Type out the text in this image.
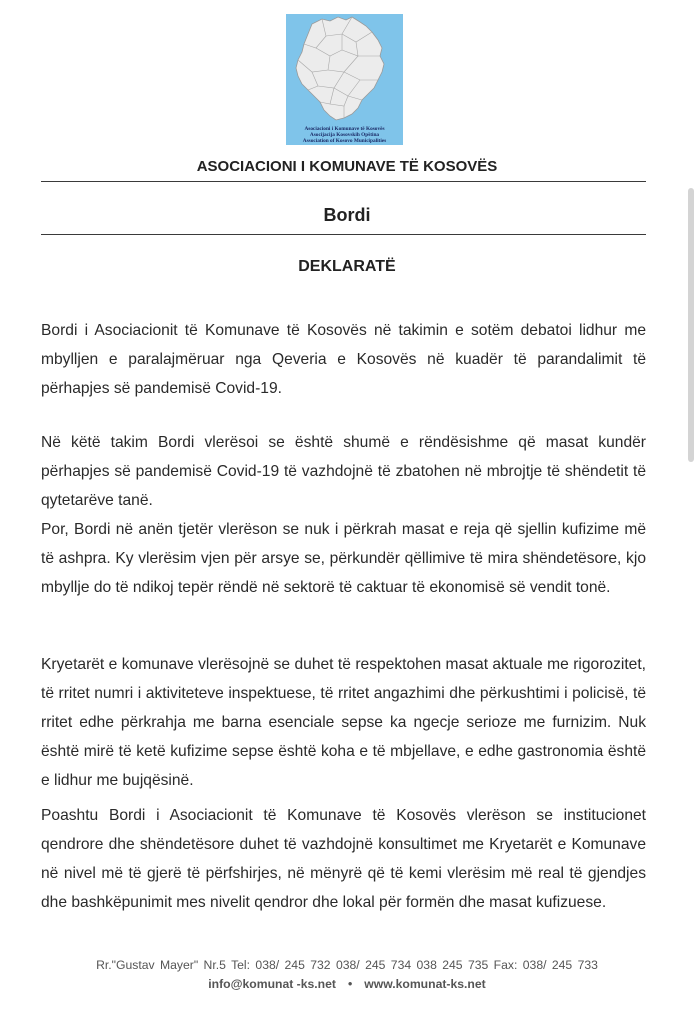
Asociacioni i Komunave të Kosovës
Asocijacija Kosovskih Opština
Association of Kosovo Municipalities
ASOCIACIONI I KOMUNAVE TË KOSOVËS
Bordi
DEKLARATË

Bordi i Asociacionit të Komunave të Kosovës në takimin e sotëm debatoi lidhur me mbylljen e paralajmëruar nga Qeveria e Kosovës në kuadër të parandalimit të përhapjes së pandemisë Covid-19.

Në këtë takim Bordi vlerësoi se është shumë e rëndësishme që masat kundër përhapjes së pandemisë Covid-19 të vazhdojnë të zbatohen në mbrojtje të shëndetit të qytetarëve tanë.

Por, Bordi në anën tjetër vlerëson se nuk i përkrah masat e reja që sjellin kufizime më të ashpra. Ky vlerësim vjen për arsye se, përkundër qëllimive të mira shëndetësore, kjo mbyllje do të ndikoj tepër rëndë në sektorë të caktuar të ekonomisë së vendit tonë.

Kryetarët e komunave vlerësojnë se duhet të respektohen masat aktuale me rigorozitet, të rritet numri i aktiviteteve inspektuese, të rritet angazhimi dhe përkushtimi i policisë, të rritet edhe përkrahja me barna esenciale sepse ka ngecje serioze me furnizim. Nuk është mirë të ketë kufizime sepse është koha e të mbjellave, e edhe gastronomia është e lidhur me bujqësinë.

Poashtu Bordi i Asociacionit të Komunave të Kosovës vlerëson se institucionet qendrore dhe shëndetësore duhet të vazhdojnë konsultimet me Kryetarët e Komunave në nivel më të gjerë të përfshirjes, në mënyrë që të kemi vlerësim më real të gjendjes dhe bashkëpunimit mes nivelit qendror dhe lokal për formën dhe masat kufizuese.

Rr."Gustav Mayer" Nr.5 Tel: 038/ 245 732 038/ 245 734 038 245 735 Fax: 038/ 245 733
info@komunat -ks.net • www.komunat-ks.net
